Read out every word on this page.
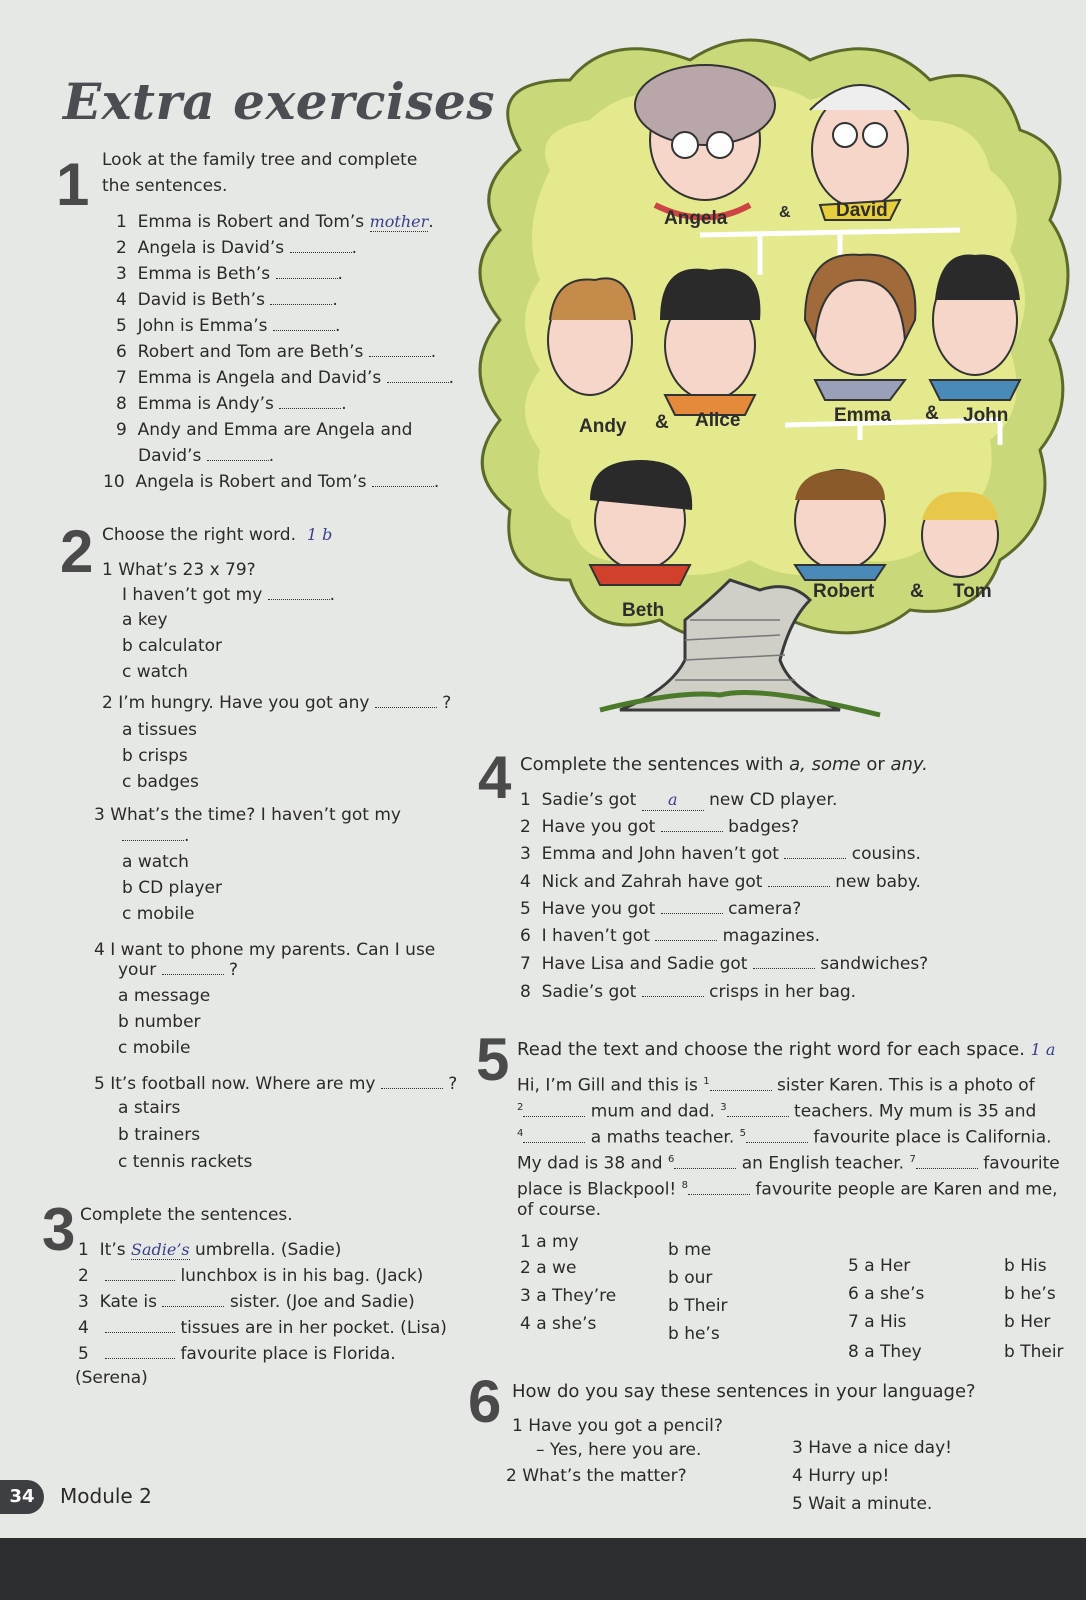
Angela	& David
Andy & Alice	Emma & John
Beth
Robert & Tom
Extra exercises
1 Look at the family tree and complete
the sentences.
1 Emma is Robert and Tom’s mother.
2 Angela is David’s	.
3 Emma is Beth’s	.
4 David is Beth’s	.
5 John is Emma’s	.
6 Robert and Tom are Beth’s	.
7 Emma is Angela and David’s	.
8 Emma is Andy’s	.
9 Andy and Emma are Angela and
David’s	.
10 Angela is Robert and Tom’s	.
2 Choose the right word. 1 b
1 What’s 23 x 79?
I haven’t got my	.
a key
b calculator
c watch
2 I’m hungry. Have you got any	?
a tissues
b crisps
c badges
3 What’s the time? I haven’t got my
.
a watch
b CD player
c mobile
4 I want to phone my parents. Can I use
your	?
a message
b number
c mobile
5 It’s football now. Where are my	?
a stairs
b trainers
c tennis rackets
3 Complete the sentences.
1 It’s Sadie’s umbrella. (Sadie)
2	lunchbox is in his bag. (Jack)
3 Kate is	sister. (Joe and Sadie)
4	tissues are in her pocket. (Lisa)
5	favourite place is Florida.
(Serena)
4 Complete the sentences with a, some or any.
1 Sadie’s got a new CD player.
2 Have you got	badges?
3 Emma and John haven’t got	cousins.
4 Nick and Zahrah have got	new baby.
5 Have you got	camera?
6 I haven’t got	magazines.
7 Have Lisa and Sadie got	sandwiches?
8 Sadie’s got	crisps in her bag.
5 Read the text and choose the right word for each space. 1 a
Hi, I’m Gill and this is $^1$	sister Karen. This is a photo of
$^2$	mum and dad. $^3$	teachers. My mum is 35 and
$^4$	a maths teacher. $^5$	favourite place is California.
My dad is 38 and $^6$	an English teacher. $^7$	favourite
place is Blackpool! $^8$	favourite people are Karen and me,
of course.
1 a my	b me
2 a we	b our
3 a They’re	b Their
4 a she’s	b he’s
5 a Her	b His
6 a she’s	b he’s
7 a His	b Her
8 a They	b Their
6 How do you say these sentences in your language?
1 Have you got a pencil?
– Yes, here you are.
2 What’s the matter?
3 Have a nice day!
4 Hurry up!
5 Wait a minute.
34	Module 2
